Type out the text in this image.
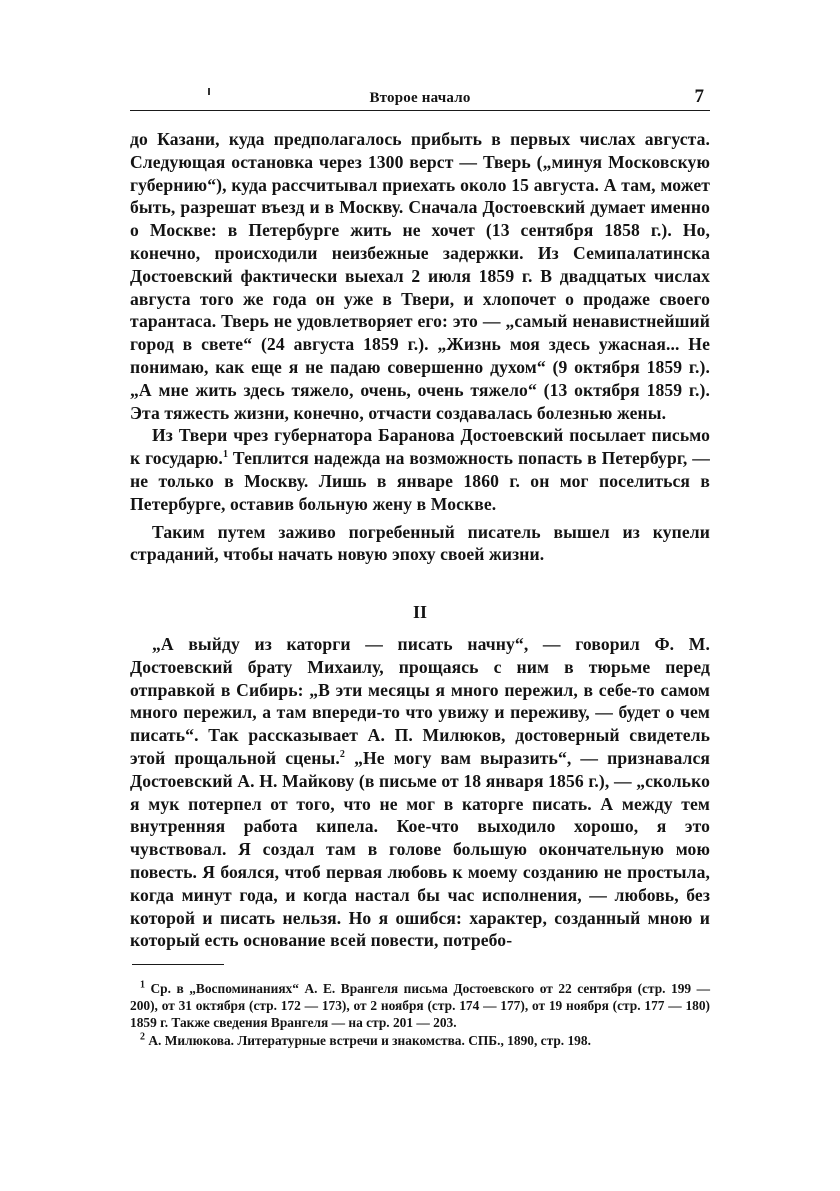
Второе начало	7

до Казани, куда предполагалось прибыть в первых числах августа. Следующая остановка через 1300 верст — Тверь („минуя Московскую губернию“), куда рассчитывал приехать около 15 августа. А там, может быть, разрешат въезд и в Москву. Сначала Достоевский думает именно о Москве: в Петербурге жить не хочет (13 сентября 1858 г.). Но, конечно, происходили неизбежные задержки. Из Семипалатинска Достоевский фактически выехал 2 июля 1859 г. В двадцатых числах августа того же года он уже в Твери, и хлопочет о продаже своего тарантаса. Тверь не удовлетворяет его: это — „самый ненавистнейший город в свете“ (24 августа 1859 г.). „Жизнь моя здесь ужасная... Не понимаю, как еще я не падаю совершенно духом“ (9 октября 1859 г.). „А мне жить здесь тяжело, очень, очень тяжело“ (13 октября 1859 г.). Эта тяжесть жизни, конечно, отчасти создавалась болезнью жены.

Из Твери чрез губернатора Баранова Достоевский посылает письмо к государю.$^1$ Теплится надежда на возможность попасть в Петербург, — не только в Москву. Лишь в январе 1860 г. он мог поселиться в Петербурге, оставив больную жену в Москве.

Таким путем заживо погребенный писатель вышел из купели страданий, чтобы начать новую эпоху своей жизни.

II

„А выйду из каторги — писать начну“, — говорил Ф. М. Достоевский брату Михаилу, прощаясь с ним в тюрьме перед отправкой в Сибирь: „В эти месяцы я много пережил, в себе-то самом много пережил, а там впереди-то что увижу и переживу, — будет о чем писать“. Так рассказывает А. П. Милюков, достоверный свидетель этой прощальной сцены.$^2$ „Не могу вам выразить“, — признавался Достоевский А. Н. Майкову (в письме от 18 января 1856 г.), — „сколько я мук потерпел от того, что не мог в каторге писать. А между тем внутренняя работа кипела. Кое-что выходило хорошо, я это чувствовал. Я создал там в голове большую окончательную мою повесть. Я боялся, чтоб первая любовь к моему созданию не простыла, когда минут года, и когда настал бы час исполнения, — любовь, без которой и писать нельзя. Но я ошибся: характер, созданный мною и который есть основание всей повести, потребо-

$^1$ Ср. в „Воспоминаниях“ А. Е. Врангеля письма Достоевского от 22 сентября (стр. 199 — 200), от 31 октября (стр. 172 — 173), от 2 ноября (стр. 174 — 177), от 19 ноября (стр. 177 — 180) 1859 г. Также сведения Врангеля — на стр. 201 — 203.

$^2$ А. Милюкова. Литературные встречи и знакомства. СПБ., 1890, стр. 198.
